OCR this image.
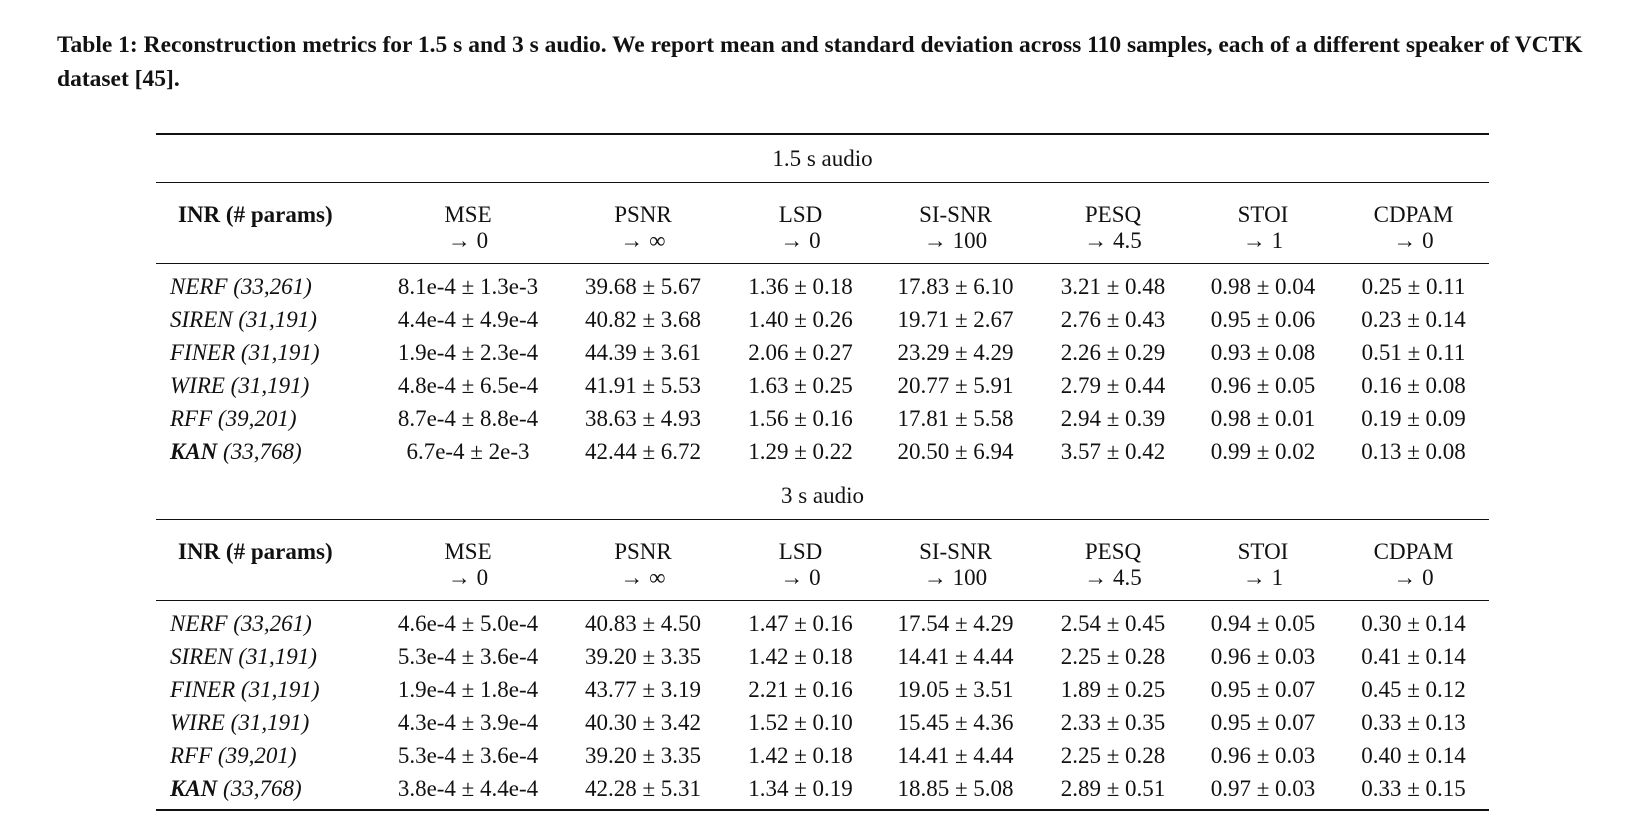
Table 1: Reconstruction metrics for 1.5 s and 3 s audio. We report mean and standard deviation across 110 samples, each of a different speaker of VCTK dataset [45].
1.5 s audio							
INR (# params)	MSE	PSNR	LSD	SI-SNR	PESQ	STOI	CDPAM
	→ 0	→ ∞	→ 0	→ 100	→ 4.5	→ 1	→ 0
NERF (33,261)	8.1e-4 ± 1.3e-3	39.68 ± 5.67	1.36 ± 0.18	17.83 ± 6.10	3.21 ± 0.48	0.98 ± 0.04	0.25 ± 0.11
SIREN (31,191)	4.4e-4 ± 4.9e-4	40.82 ± 3.68	1.40 ± 0.26	19.71 ± 2.67	2.76 ± 0.43	0.95 ± 0.06	0.23 ± 0.14
FINER (31,191)	1.9e-4 ± 2.3e-4	44.39 ± 3.61	2.06 ± 0.27	23.29 ± 4.29	2.26 ± 0.29	0.93 ± 0.08	0.51 ± 0.11
WIRE (31,191)	4.8e-4 ± 6.5e-4	41.91 ± 5.53	1.63 ± 0.25	20.77 ± 5.91	2.79 ± 0.44	0.96 ± 0.05	0.16 ± 0.08
RFF (39,201)	8.7e-4 ± 8.8e-4	38.63 ± 4.93	1.56 ± 0.16	17.81 ± 5.58	2.94 ± 0.39	0.98 ± 0.01	0.19 ± 0.09
KAN (33,768)	6.7e-4 ± 2e-3	42.44 ± 6.72	1.29 ± 0.22	20.50 ± 6.94	3.57 ± 0.42	0.99 ± 0.02	0.13 ± 0.08
3 s audio							
INR (# params)	MSE	PSNR	LSD	SI-SNR	PESQ	STOI	CDPAM
	→ 0	→ ∞	→ 0	→ 100	→ 4.5	→ 1	→ 0
NERF (33,261)	4.6e-4 ± 5.0e-4	40.83 ± 4.50	1.47 ± 0.16	17.54 ± 4.29	2.54 ± 0.45	0.94 ± 0.05	0.30 ± 0.14
SIREN (31,191)	5.3e-4 ± 3.6e-4	39.20 ± 3.35	1.42 ± 0.18	14.41 ± 4.44	2.25 ± 0.28	0.96 ± 0.03	0.41 ± 0.14
FINER (31,191)	1.9e-4 ± 1.8e-4	43.77 ± 3.19	2.21 ± 0.16	19.05 ± 3.51	1.89 ± 0.25	0.95 ± 0.07	0.45 ± 0.12
WIRE (31,191)	4.3e-4 ± 3.9e-4	40.30 ± 3.42	1.52 ± 0.10	15.45 ± 4.36	2.33 ± 0.35	0.95 ± 0.07	0.33 ± 0.13
RFF (39,201)	5.3e-4 ± 3.6e-4	39.20 ± 3.35	1.42 ± 0.18	14.41 ± 4.44	2.25 ± 0.28	0.96 ± 0.03	0.40 ± 0.14
KAN (33,768)	3.8e-4 ± 4.4e-4	42.28 ± 5.31	1.34 ± 0.19	18.85 ± 5.08	2.89 ± 0.51	0.97 ± 0.03	0.33 ± 0.15
